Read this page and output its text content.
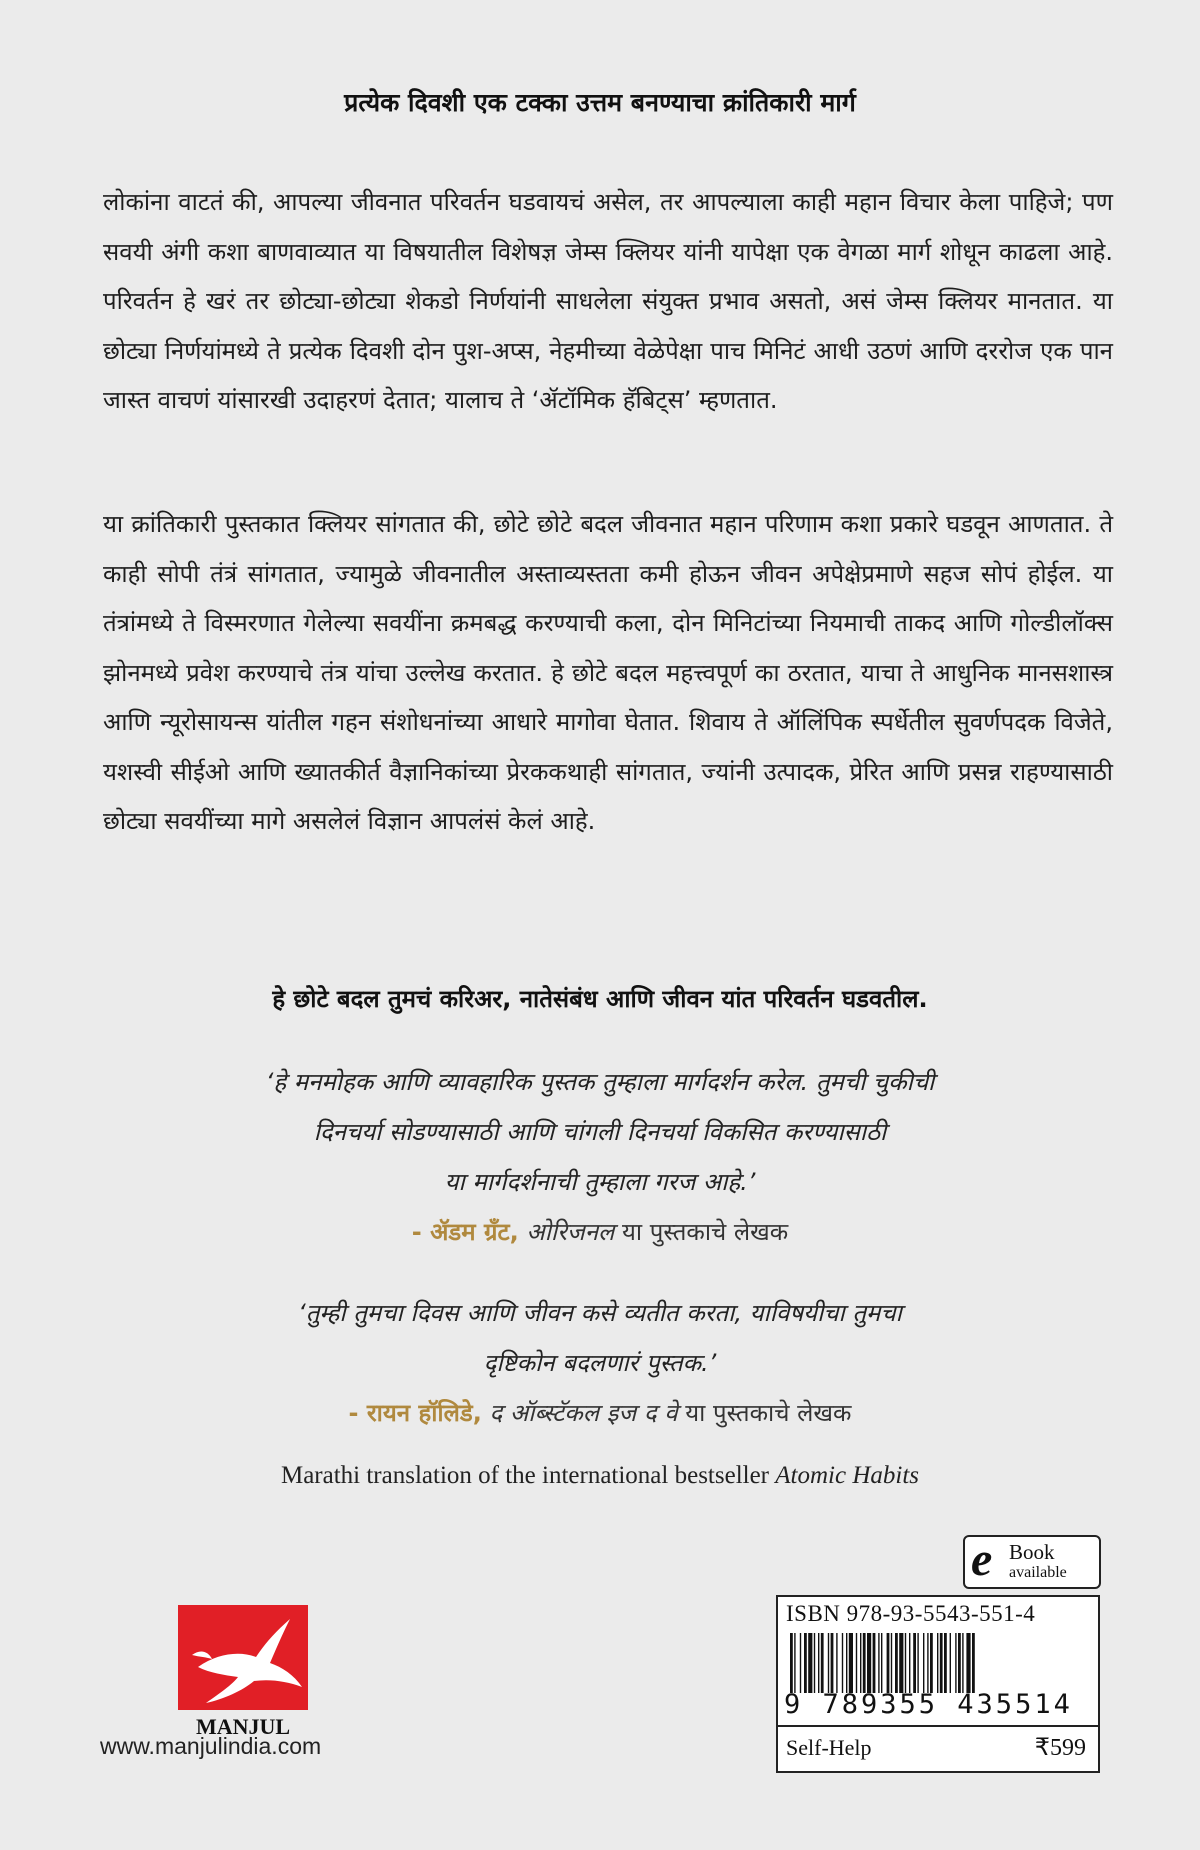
प्रत्येक दिवशी एक टक्का उत्तम बनण्याचा क्रांतिकारी मार्ग

लोकांना वाटतं की, आपल्या जीवनात परिवर्तन घडवायचं असेल, तर आपल्याला काही महान विचार केला पाहिजे; पण सवयी अंगी कशा बाणवाव्यात या विषयातील विशेषज्ञ जेम्स क्लियर यांनी यापेक्षा एक वेगळा मार्ग शोधून काढला आहे. परिवर्तन हे खरं तर छोट्या-छोट्या शेकडो निर्णयांनी साधलेला संयुक्त प्रभाव असतो, असं जेम्स क्लियर मानतात. या छोट्या निर्णयांमध्ये ते प्रत्येक दिवशी दोन पुश-अप्स, नेहमीच्या वेळेपेक्षा पाच मिनिटं आधी उठणं आणि दररोज एक पान जास्त वाचणं यांसारखी उदाहरणं देतात; यालाच ते ‘ॲटॉमिक हॅबिट्स’ म्हणतात.

या क्रांतिकारी पुस्तकात क्लियर सांगतात की, छोटे छोटे बदल जीवनात महान परिणाम कशा प्रकारे घडवून आणतात. ते काही सोपी तंत्रं सांगतात, ज्यामुळे जीवनातील अस्ताव्यस्तता कमी होऊन जीवन अपेक्षेप्रमाणे सहज सोपं होईल. या तंत्रांमध्ये ते विस्मरणात गेलेल्या सवयींना क्रमबद्ध करण्याची कला, दोन मिनिटांच्या नियमाची ताकद आणि गोल्डीलॉक्स झोनमध्ये प्रवेश करण्याचे तंत्र यांचा उल्लेख करतात. हे छोटे बदल महत्त्वपूर्ण का ठरतात, याचा ते आधुनिक मानसशास्त्र आणि न्यूरोसायन्स यांतील गहन संशोधनांच्या आधारे मागोवा घेतात. शिवाय ते ऑलिंपिक स्पर्धेतील सुवर्णपदक विजेते, यशस्वी सीईओ आणि ख्यातकीर्त वैज्ञानिकांच्या प्रेरककथाही सांगतात, ज्यांनी उत्पादक, प्रेरित आणि प्रसन्न राहण्यासाठी छोट्या सवयींच्या मागे असलेलं विज्ञान आपलंसं केलं आहे.

हे छोटे बदल तुमचं करिअर, नातेसंबंध आणि जीवन यांत परिवर्तन घडवतील.
‘हे मनमोहक आणि व्यावहारिक पुस्तक तुम्हाला मार्गदर्शन करेल. तुमची चुकीची
दिनचर्या सोडण्यासाठी आणि चांगली दिनचर्या विकसित करण्यासाठी
या मार्गदर्शनाची तुम्हाला गरज आहे.’
- ॲडम ग्रँट, ओरिजनल या पुस्तकाचे लेखक
‘तुम्ही तुमचा दिवस आणि जीवन कसे व्यतीत करता, याविषयीचा तुमचा
दृष्टिकोन बदलणारं पुस्तक.’
- रायन हॉलिडे, द ऑब्स्टॅकल इज द वे या पुस्तकाचे लेखक
Marathi translation of the international bestseller Atomic Habits
MANJUL
www.manjulindia.com
e Book
available
ISBN 978-93-5543-551-4
9 789355 435514
Self-Help	₹599
